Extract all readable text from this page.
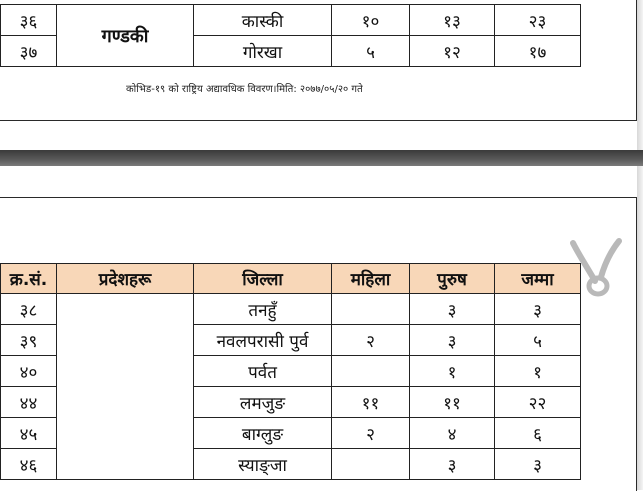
३६	गण्डकी	कास्की	१०	१३	२३
३७		गोरखा	५	१२	१७
कोभिड-१९ को राष्ट्रिय अद्यावधिक विवरण।मिति: २०७७/०५/२० गते
क्र.सं.	प्रदेशहरू	जिल्ला	महिला	पुरुष	जम्मा
३८		तनहुँ		३	३
३९		नवलपरासी पुर्व	२	३	५
४०		पर्वत		१	१
४४		लमजुङ	११	११	२२
४५		बाग्लुङ	२	४	६
४६		स्याङ्जा		३	३
